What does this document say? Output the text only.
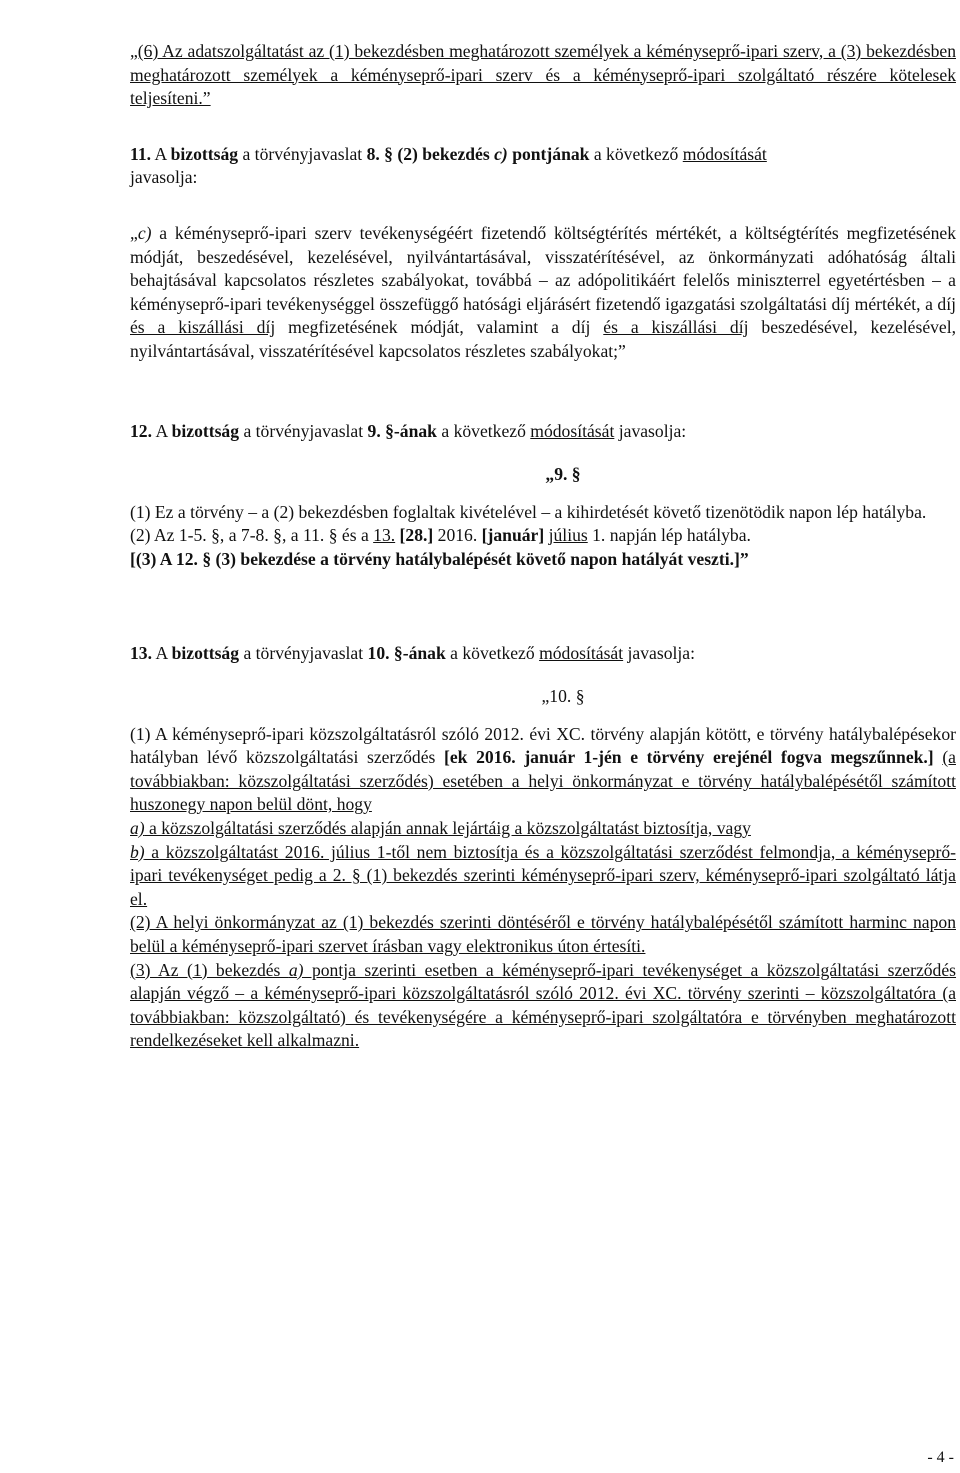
„(6) Az adatszolgáltatást az (1) bekezdésben meghatározott személyek a kéményseprő-ipari szerv, a (3) bekezdésben meghatározott személyek a kéményseprő-ipari szerv és a kéményseprő-ipari szolgáltató részére kötelesek teljesíteni.”

11. A bizottság a törvényjavaslat 8. § (2) bekezdés c) pontjának a következő módosítását
javasolja:

„c) a kéményseprő-ipari szerv tevékenységéért fizetendő költségtérítés mértékét, a költségtérítés megfizetésének módját, beszedésével, kezelésével, nyilvántartásával, visszatérítésével, az önkormányzati adóhatóság általi behajtásával kapcsolatos részletes szabályokat, továbbá – az adópolitikáért felelős miniszterrel egyetértésben – a kéményseprő-ipari tevékenységgel összefüggő hatósági eljárásért fizetendő igazgatási szolgáltatási díj mértékét, a díj és a kiszállási díj megfizetésének módját, valamint a díj és a kiszállási díj beszedésével, kezelésével, nyilvántartásával, visszatérítésével kapcsolatos részletes szabályokat;”

12. A bizottság a törvényjavaslat 9. §-ának a következő módosítását javasolja:

„9. §

(1) Ez a törvény – a (2) bekezdésben foglaltak kivételével – a kihirdetését követő tizenötödik napon lép hatályba.

(2) Az 1-5. §, a 7-8. §, a 11. § és a 13. [28.] 2016. [január] július 1. napján lép hatályba.

[(3) A 12. § (3) bekezdése a törvény hatálybalépését követő napon hatályát veszti.]”

13. A bizottság a törvényjavaslat 10. §-ának a következő módosítását javasolja:

„10. §

(1) A kéményseprő-ipari közszolgáltatásról szóló 2012. évi XC. törvény alapján kötött, e törvény hatálybalépésekor hatályban lévő közszolgáltatási szerződés [ek 2016. január 1-jén e törvény erejénél fogva megszűnnek.] (a továbbiakban: közszolgáltatási szerződés) esetében a helyi önkormányzat e törvény hatálybalépésétől számított huszonegy napon belül dönt, hogy

a) a közszolgáltatási szerződés alapján annak lejártáig a közszolgáltatást biztosítja, vagy

b) a közszolgáltatást 2016. július 1-től nem biztosítja és a közszolgáltatási szerződést felmondja, a kéményseprő-ipari tevékenységet pedig a 2. § (1) bekezdés szerinti kéményseprő-ipari szerv, kéményseprő-ipari szolgáltató látja el.

(2) A helyi önkormányzat az (1) bekezdés szerinti döntéséről e törvény hatálybalépésétől számított harminc napon belül a kéményseprő-ipari szervet írásban vagy elektronikus úton értesíti.

(3) Az (1) bekezdés a) pontja szerinti esetben a kéményseprő-ipari tevékenységet a közszolgáltatási szerződés alapján végző – a kéményseprő-ipari közszolgáltatásról szóló 2012. évi XC. törvény szerinti – közszolgáltatóra (a továbbiakban: közszolgáltató) és tevékenységére a kéményseprő-ipari szolgáltatóra e törvényben meghatározott rendelkezéseket kell alkalmazni.

- 4 -
